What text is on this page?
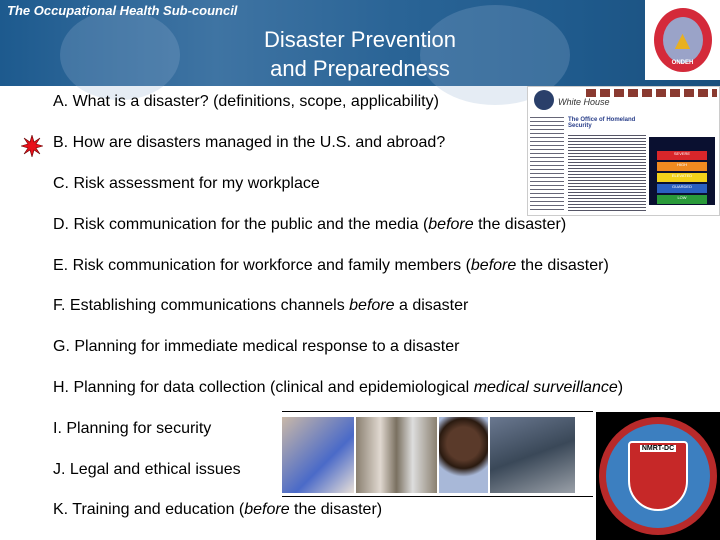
The Occupational Health Sub-council
Disaster Prevention
and Preparedness
▲
ONDEH
A. What is a disaster? (definitions, scope, applicability)
B. How are disasters managed in the U.S. and abroad?
C. Risk assessment for my workplace
D. Risk communication for the public and the media (before the disaster)
E. Risk communication for workforce and family members (before the disaster)
F. Establishing communications channels before a disaster
G. Planning for immediate medical response to a disaster
H. Planning for data collection (clinical and epidemiological medical surveillance)
I. Planning for security
J. Legal and ethical issues
K. Training and education (before the disaster)
White House
The Office of Homeland Security
SEVERE
HIGH
ELEVATED
GUARDED
LOW
NMRT-DC
